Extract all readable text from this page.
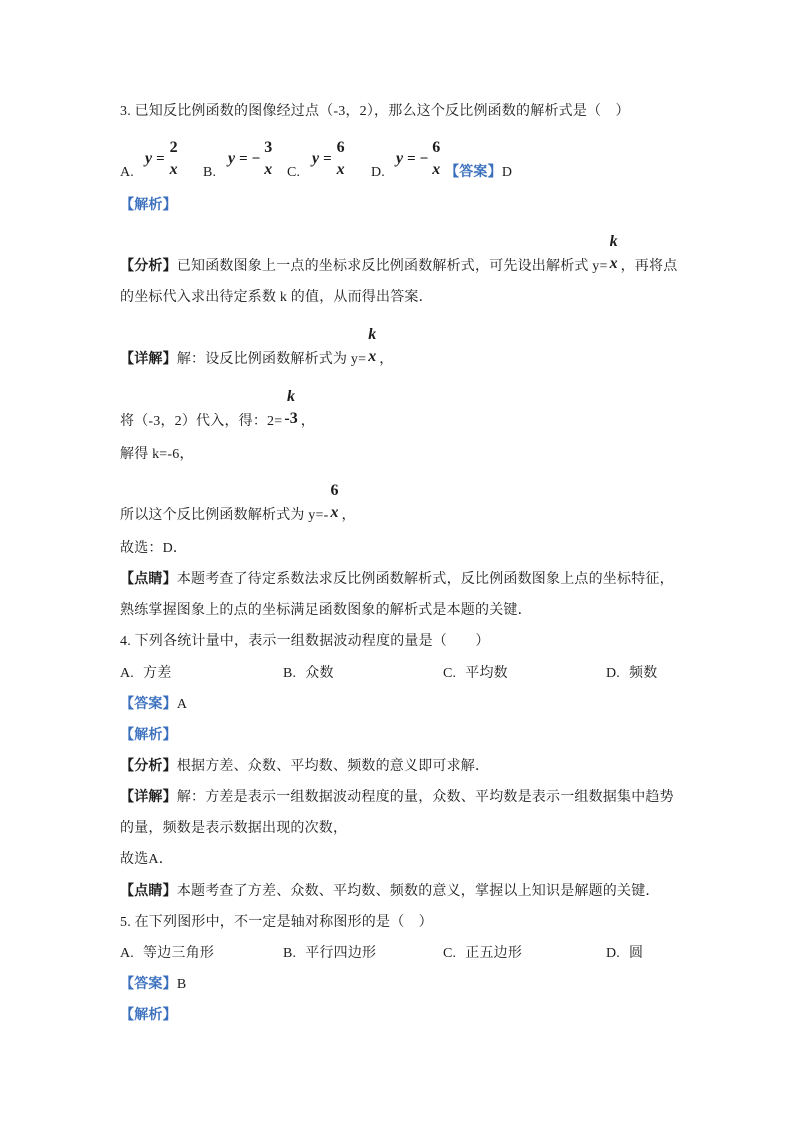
3. 已知反比例函数的图像经过点（-3，2），那么这个反比例函数的解析式是（　）
A.
y =
2
x B.
y = −
3
x C.
y =
6
x D.
y = −
6
x 【答案】D
【解析】
【分析】已知函数图象上一点的坐标求反比例函数解析式，可先设出解析式 y=
k
x ，再将点
的坐标代入求出待定系数 k 的值，从而得出答案．
【详解】解：设反比例函数解析式为 y=
k
x ，
将（-3，2）代入，得：2=
k
-3 ，
解得 k=-6，
所以这个反比例函数解析式为 y=-
6
x ，
故选：D．
【点睛】本题考查了待定系数法求反比例函数解析式，反比例函数图象上点的坐标特征，
熟练掌握图象上的点的坐标满足函数图象的解析式是本题的关键．
4. 下列各统计量中，表示一组数据波动程度的量是（　　）
A. 方差	B. 众数	C. 平均数	D. 频数
【答案】A
【解析】
【分析】根据方差、众数、平均数、频数的意义即可求解．
【详解】解：方差是表示一组数据波动程度的量，众数、平均数是表示一组数据集中趋势
的量，频数是表示数据出现的次数，
故选A．
【点睛】本题考查了方差、众数、平均数、频数的意义，掌握以上知识是解题的关键．
5. 在下列图形中，不一定是轴对称图形的是（　）
A. 等边三角形	B. 平行四边形	C. 正五边形	D. 圆
【答案】B
【解析】
